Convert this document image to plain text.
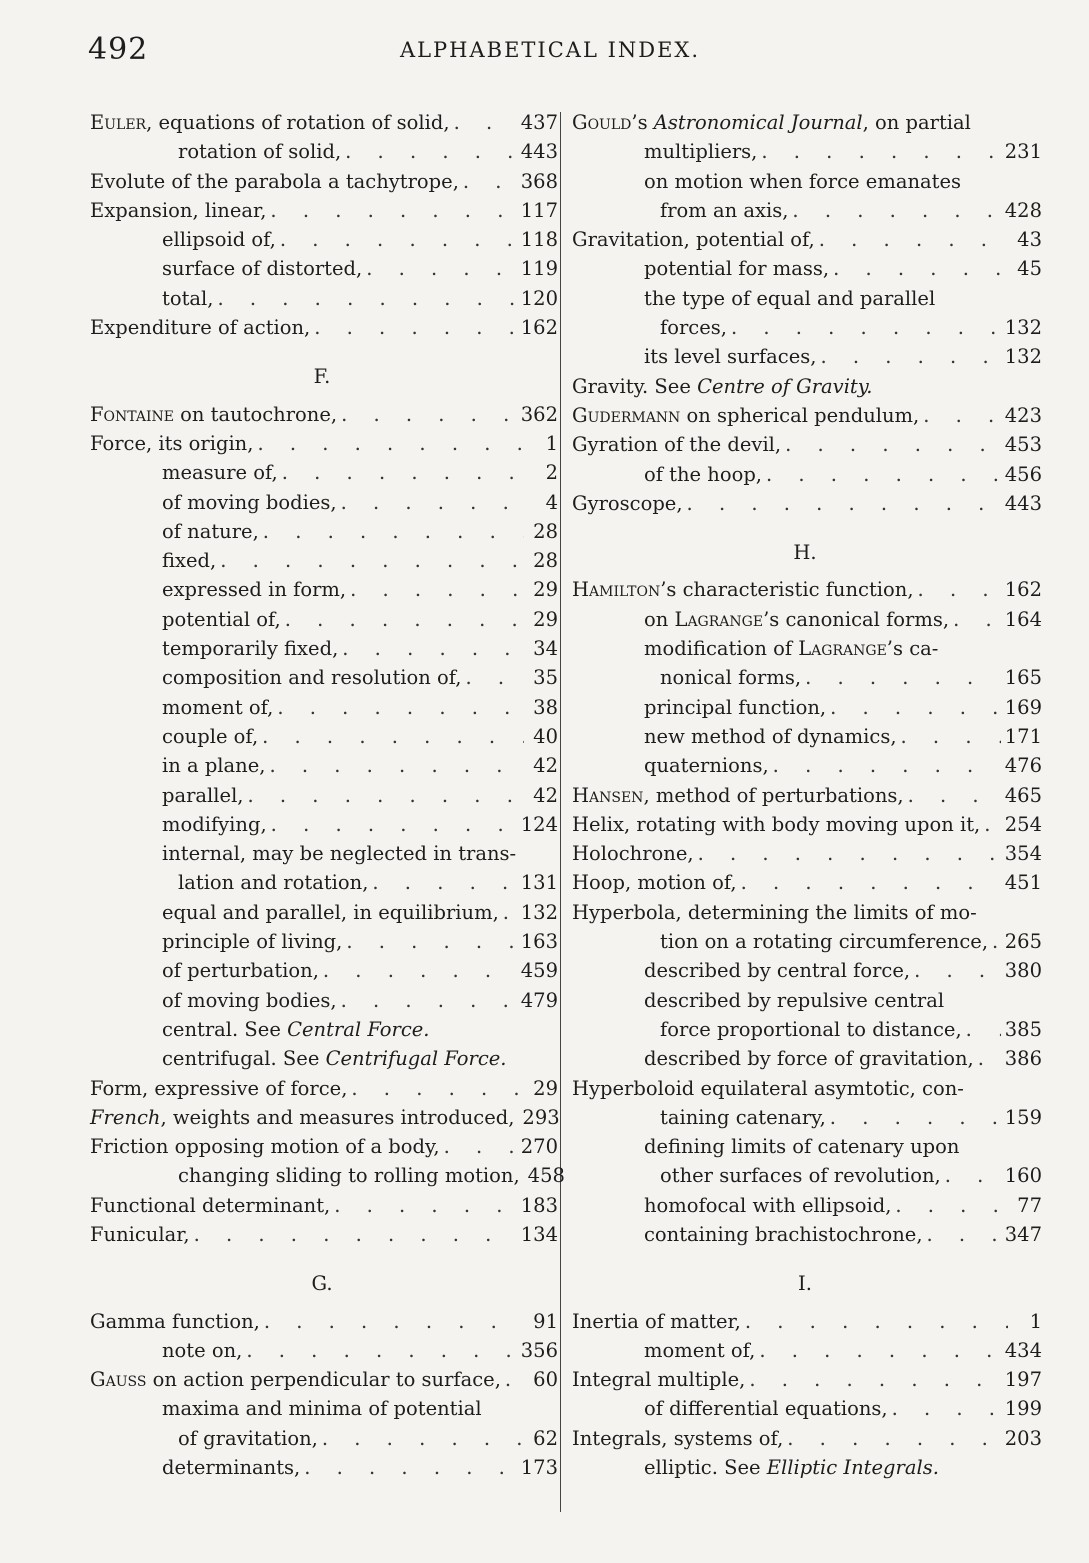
492	ALPHABETICAL INDEX.
Euler, equations of rotation of solid, . . .	437
rotation of solid, . . .	443
Evolute of the parabola a tachytrope, . . .	368
Expansion, linear, . . .	117
ellipsoid of, . . .	118
surface of distorted, . . .	119
total, . . .	120
Expenditure of action, . . .	162
F.
Fontaine on tautochrone, . . .	362
Force, its origin, . . .	1
measure of, . . .	2
of moving bodies, . . .	4
of nature, . . .	28
fixed, . . .	28
expressed in form, . . .	29
potential of, . . .	29
temporarily fixed, . . .	34
composition and resolution of, . . .	35
moment of, . . .	38
couple of, . . .	40
in a plane, . . .	42
parallel, . . .	42
modifying, . . .	124
internal, may be neglected in trans-
lation and rotation, . . .	131
equal and parallel, in equilibrium, . . . 132
principle of living, . . .	163
of perturbation, . . .	459
of moving bodies, . . .	479
central. See Central Force.
centrifugal. See Centrifugal Force.
Form, expressive of force, . . .	29
French, weights and measures introduced, 293
Friction opposing motion of a body, . . .	270
changing sliding to rolling motion, 458
Functional determinant, . . .	183
Funicular, . . .	134
G.
Gamma function, . . .	91
note on, . . .	356
Gauss on action perpendicular to surface, . . . 60
maxima and minima of potential
of gravitation, . . .	62
determinants, . . .	173
Gould’s Astronomical Journal, on partial
multipliers, . . .	231
on motion when force emanates
from an axis, . . .	428
Gravitation, potential of, . . .	43
potential for mass, . . .	45
the type of equal and parallel
forces, . . .	132
its level surfaces, . . .	132
Gravity. See Centre of Gravity.
Gudermann on spherical pendulum, . . .	423
Gyration of the devil, . . .	453
of the hoop, . . .	456
Gyroscope, . . .	443
H.
Hamilton’s characteristic function, . . .	162
on Lagrange’s canonical forms, . . .	164
modification of Lagrange’s ca-
nonical forms, . . .	165
principal function, . . .	169
new method of dynamics, . . .	171
quaternions, . . .	476
Hansen, method of perturbations, . . .	465
Helix, rotating with body moving upon it, . . . 254
Holochrone, . . .	354
Hoop, motion of, . . .	451
Hyperbola, determining the limits of mo-
tion on a rotating circumference, . . . 265
described by central force, . . .	380
described by repulsive central
force proportional to distance, . . . 385
described by force of gravitation, . . . 386
Hyperboloid equilateral asymtotic, con-
taining catenary, . . .	159
defining limits of catenary upon
other surfaces of revolution, . . .	160
homofocal with ellipsoid, . . .	77
containing brachistochrone, . . .	347
I.
Inertia of matter, . . .	1
moment of, . . .	434
Integral multiple, . . .	197
of differential equations, . . .	199
Integrals, systems of, . . .	203
elliptic. See Elliptic Integrals.
